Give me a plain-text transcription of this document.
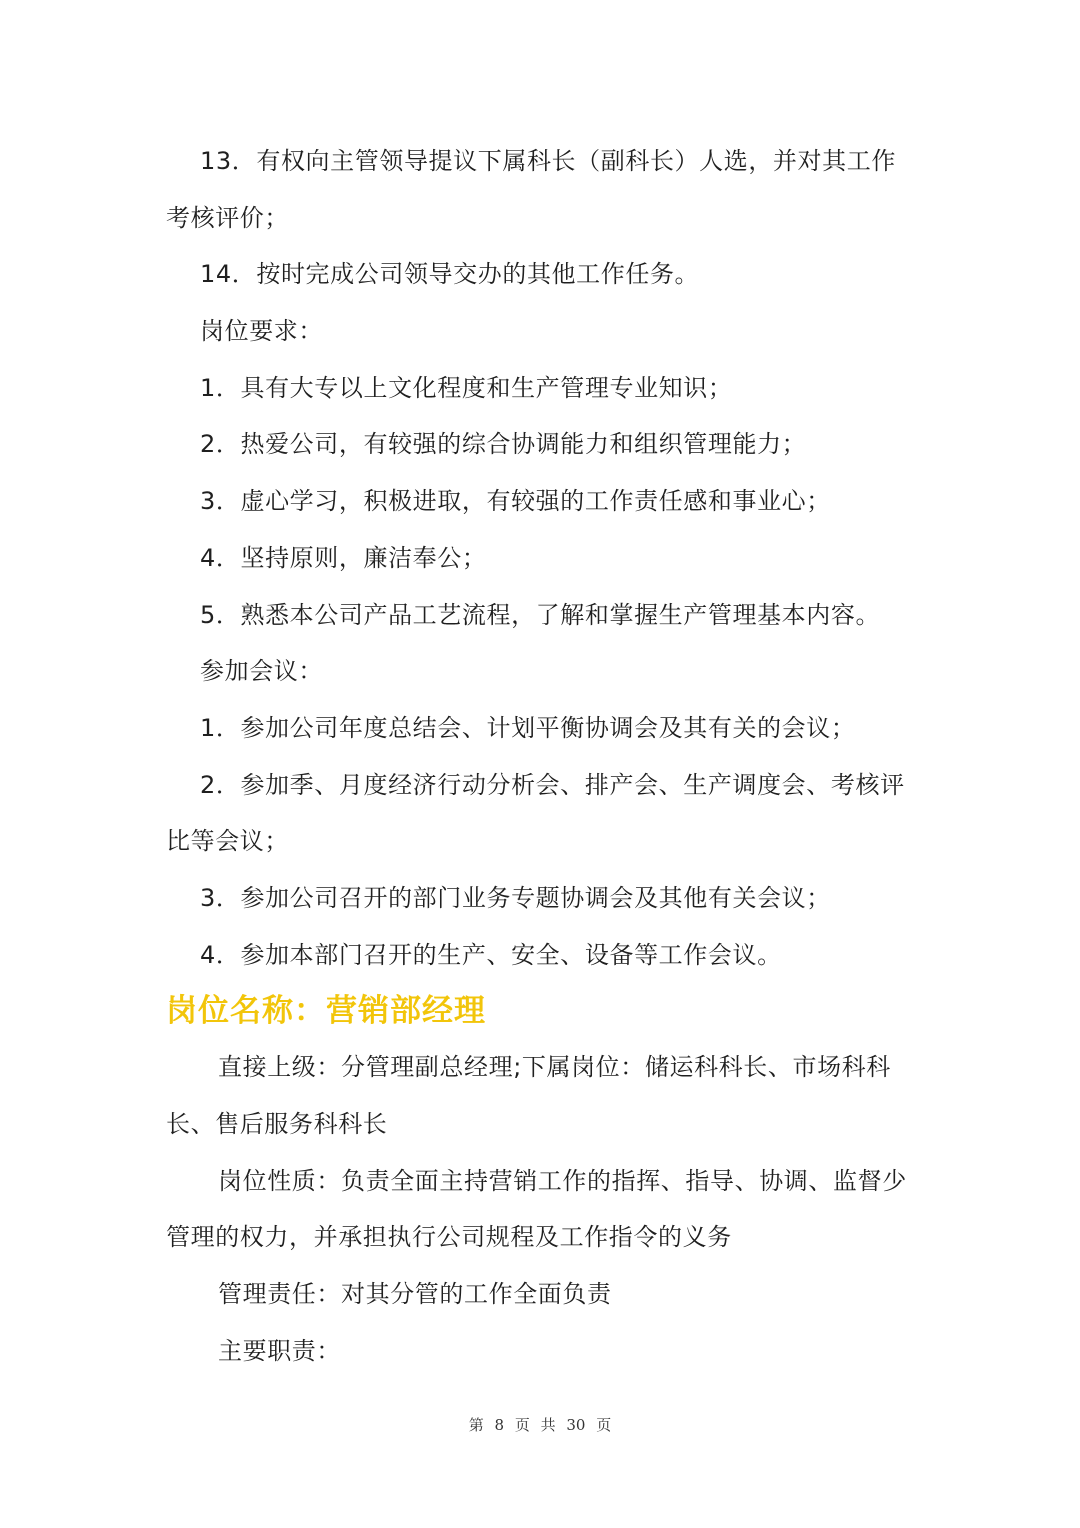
13．有权向主管领导提议下属科长（副科长）人选，并对其工作
考核评价；
14．按时完成公司领导交办的其他工作任务。
岗位要求：
1．具有大专以上文化程度和生产管理专业知识；
2．热爱公司，有较强的综合协调能力和组织管理能力；
3．虚心学习，积极进取，有较强的工作责任感和事业心；
4．坚持原则，廉洁奉公；
5．熟悉本公司产品工艺流程，了解和掌握生产管理基本内容。
参加会议：
1．参加公司年度总结会、计划平衡协调会及其有关的会议；
2．参加季、月度经济行动分析会、排产会、生产调度会、考核评
比等会议；
3．参加公司召开的部门业务专题协调会及其他有关会议；
4．参加本部门召开的生产、安全、设备等工作会议。
岗位名称：营销部经理
直接上级：分管理副总经理;下属岗位：储运科科长、市场科科
长、售后服务科科长
岗位性质：负责全面主持营销工作的指挥、指导、协调、监督少
管理的权力，并承担执行公司规程及工作指令的义务
管理责任：对其分管的工作全面负责
主要职责：
第 8 页 共 30 页
